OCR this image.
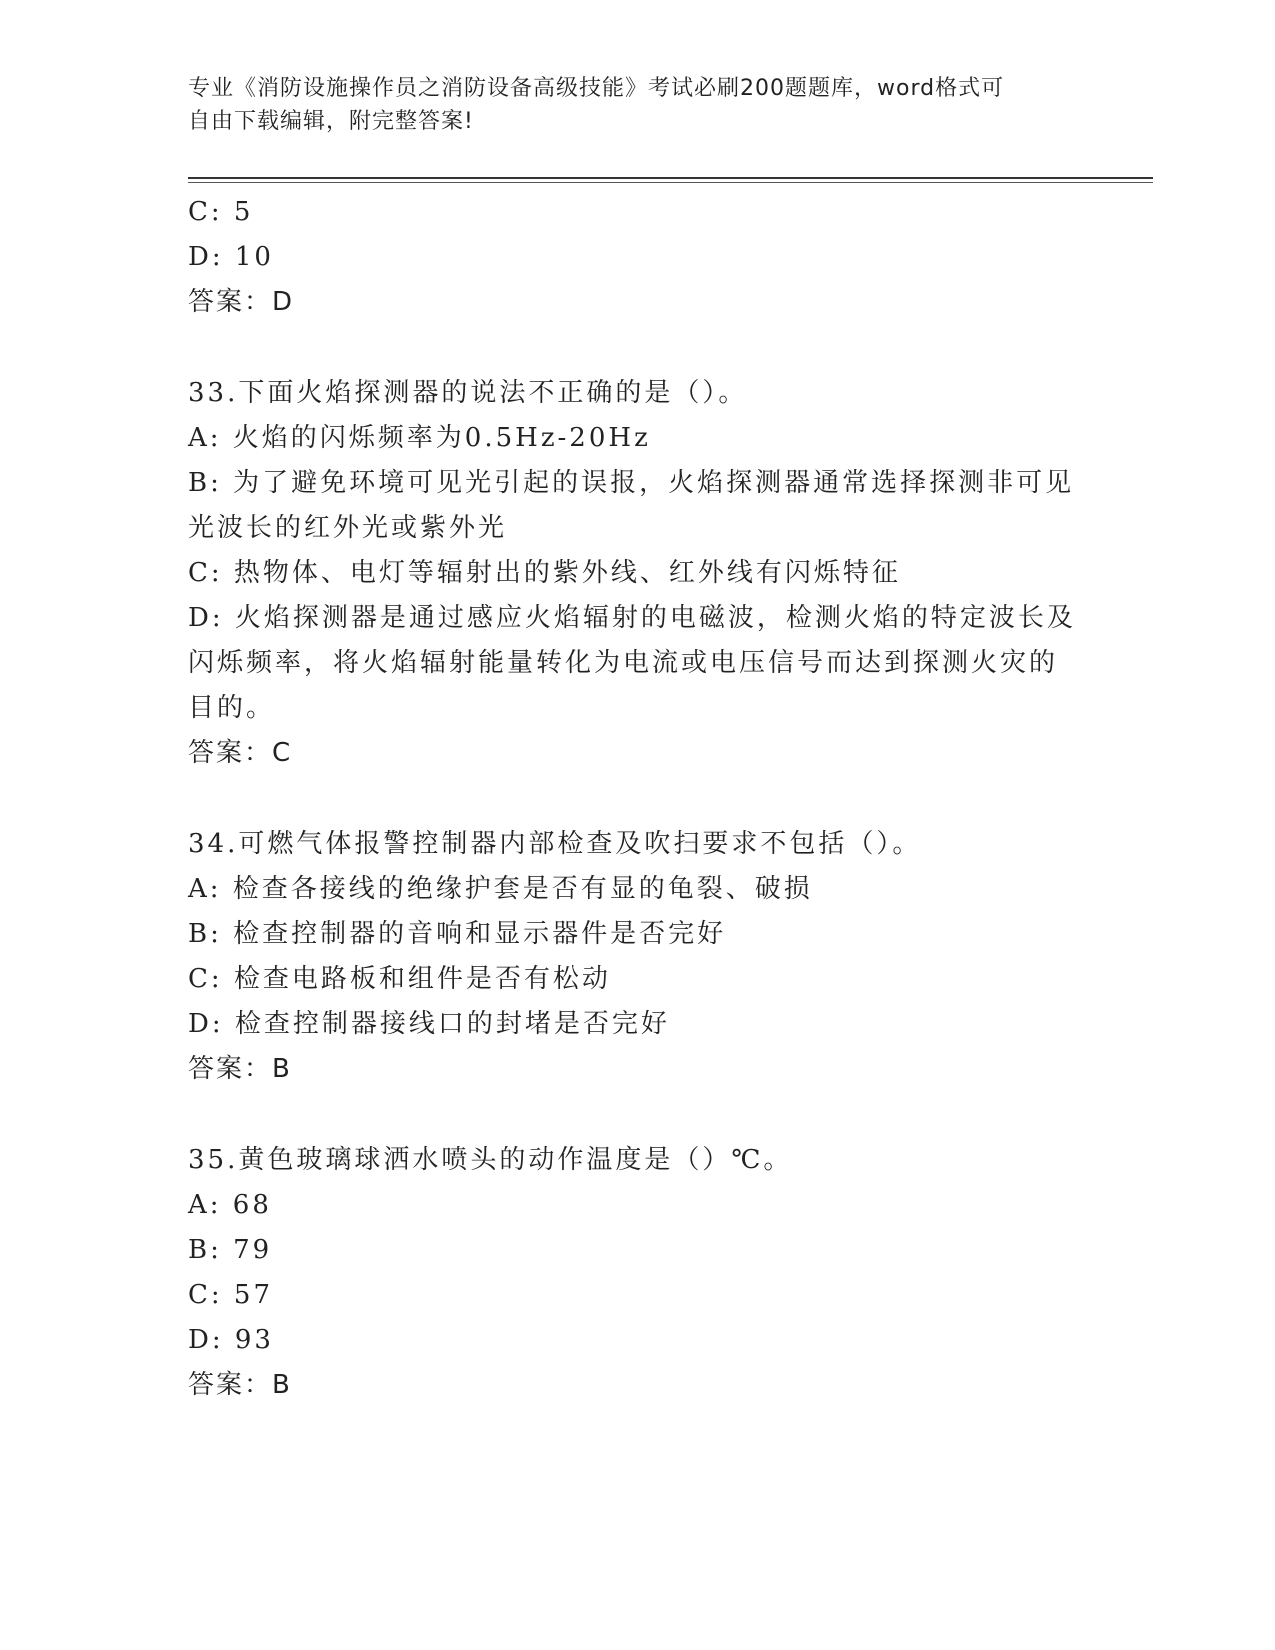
专业《消防设施操作员之消防设备高级技能》考试必刷200题题库，word格式可
自由下载编辑，附完整答案!
C: 5
D: 10
答案：D
33.下面火焰探测器的说法不正确的是（）。
A: 火焰的闪烁频率为0.5Hz-20Hz
B: 为了避免环境可见光引起的误报，火焰探测器通常选择探测非可见
光波长的红外光或紫外光
C: 热物体、电灯等辐射出的紫外线、红外线有闪烁特征
D: 火焰探测器是通过感应火焰辐射的电磁波，检测火焰的特定波长及
闪烁频率，将火焰辐射能量转化为电流或电压信号而达到探测火灾的
目的。
答案：C
34.可燃气体报警控制器内部检查及吹扫要求不包括（）。
A: 检查各接线的绝缘护套是否有显的龟裂、破损
B: 检查控制器的音响和显示器件是否完好
C: 检查电路板和组件是否有松动
D: 检查控制器接线口的封堵是否完好
答案：B
35.黄色玻璃球洒水喷头的动作温度是（）℃。
A: 68
B: 79
C: 57
D: 93
答案：B
